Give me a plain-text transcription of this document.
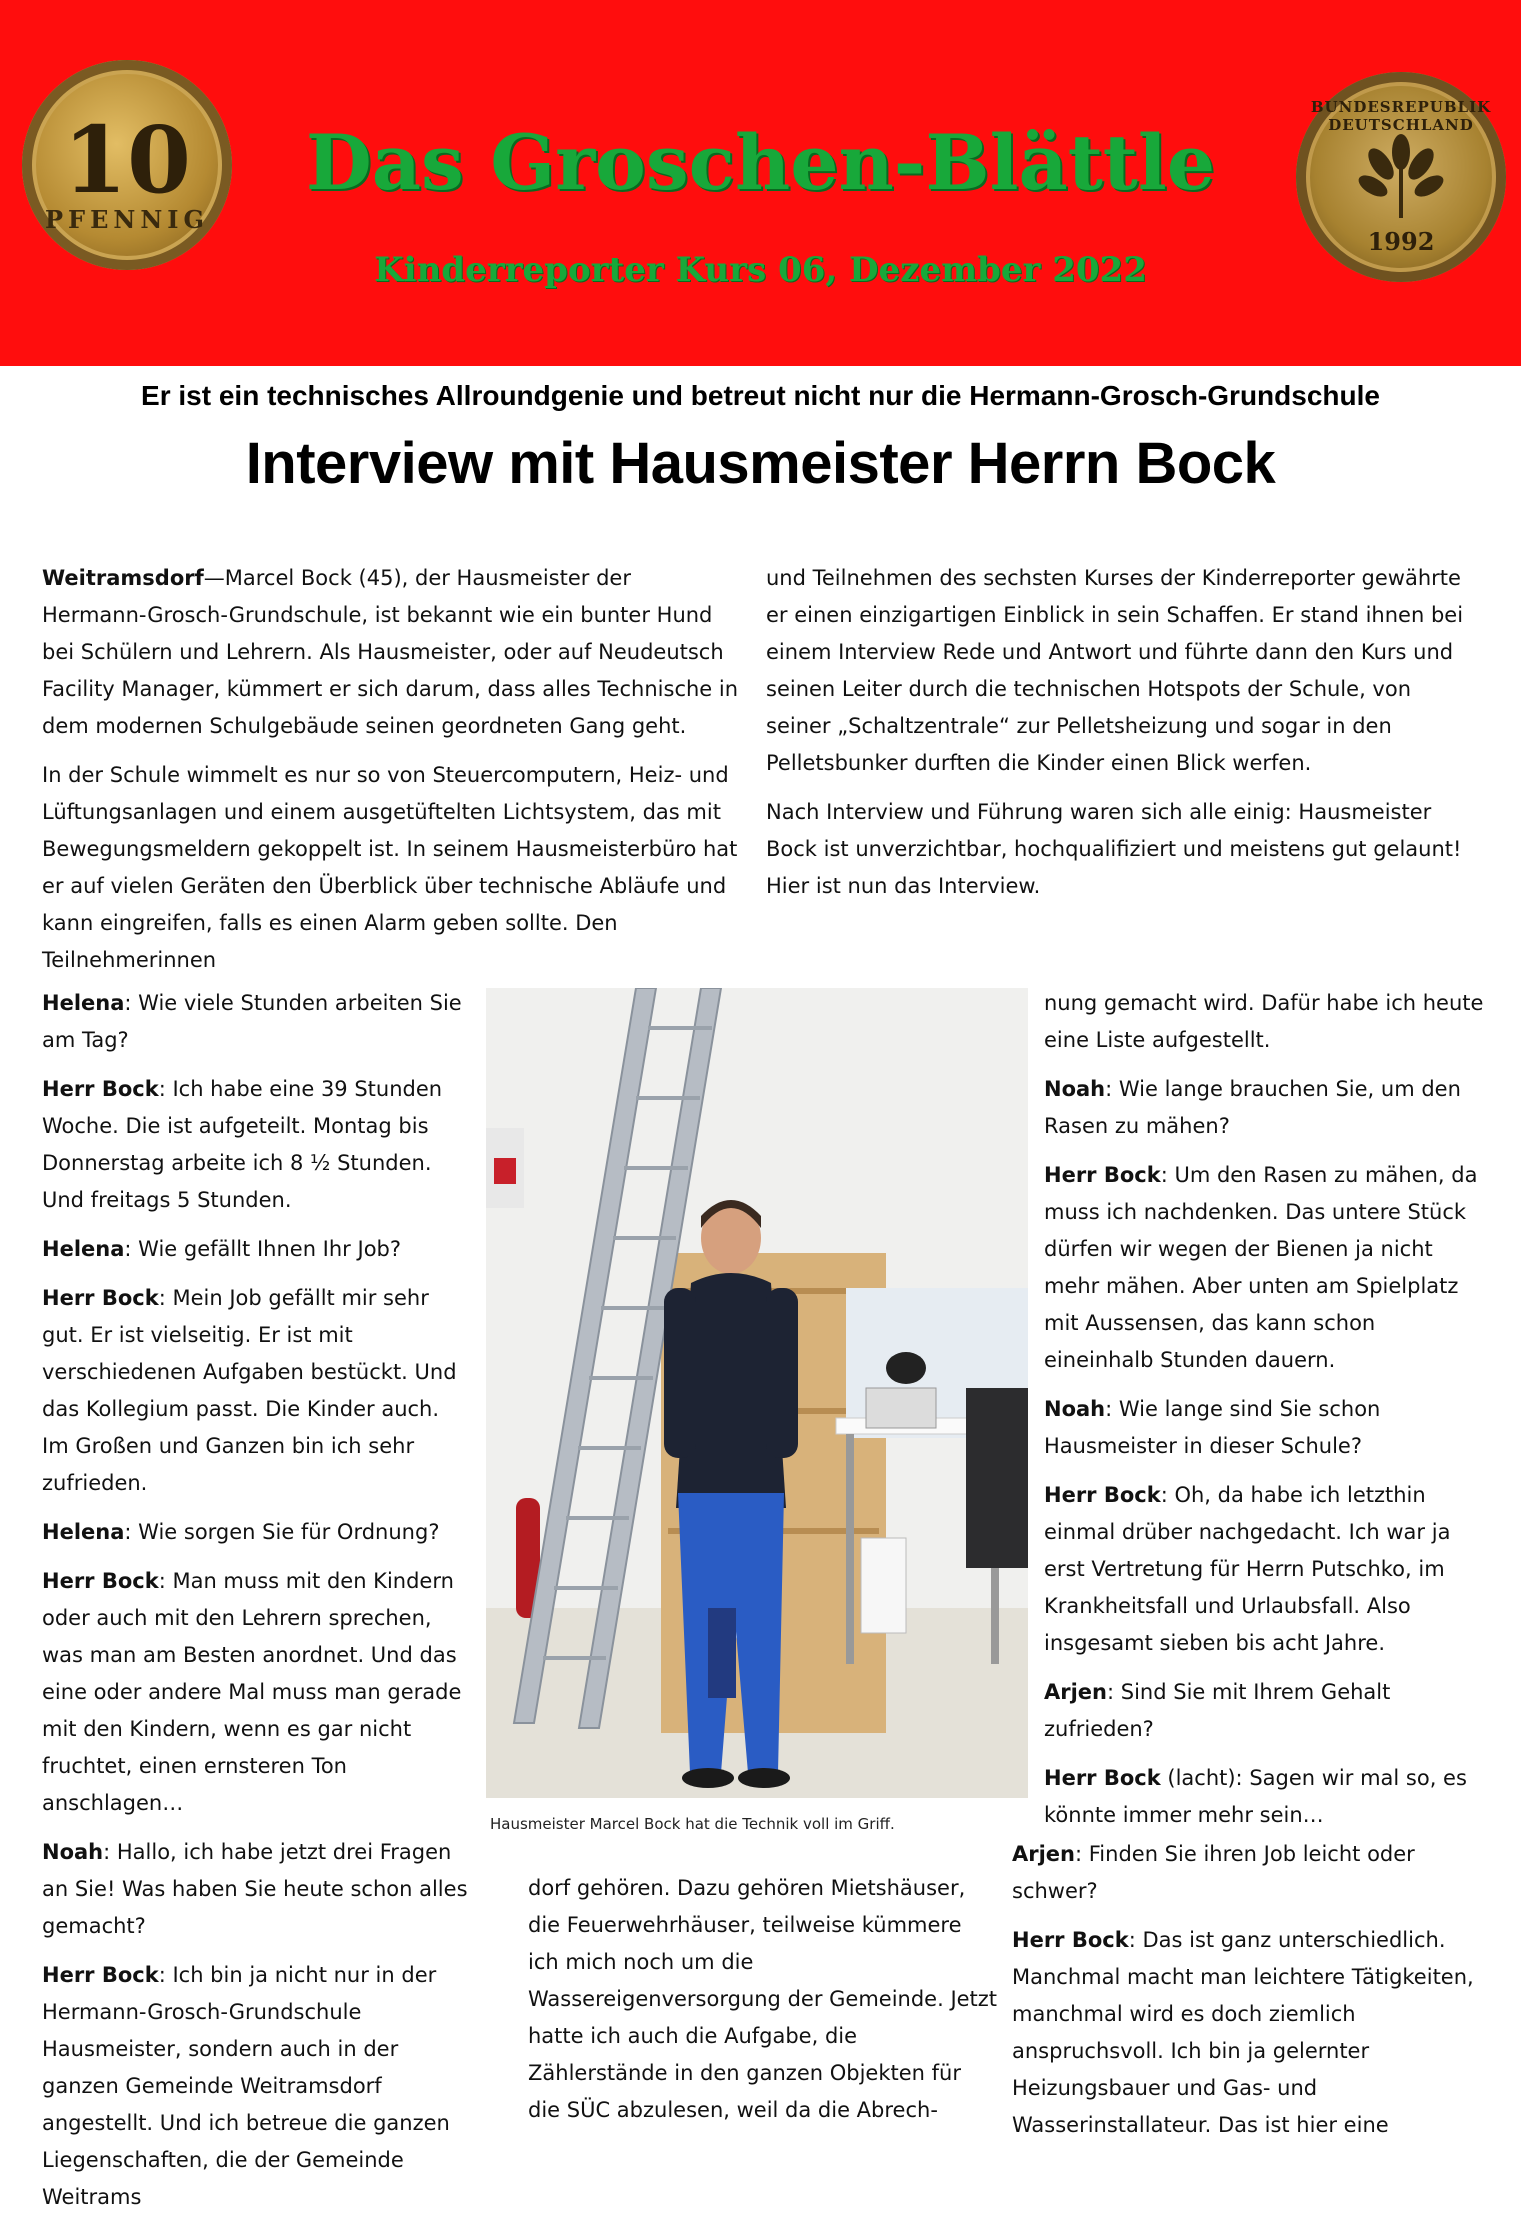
10
PFENNIG
Das Groschen-Blättle
Kinderreporter Kurs 06, Dezember 2022
BUNDESREPUBLIK DEUTSCHLAND
1992
Er ist ein technisches Allroundgenie und betreut nicht nur die Hermann-Grosch-Grundschule
Interview mit Hausmeister Herrn Bock

Weitramsdorf—Marcel Bock (45), der Hausmeister der Hermann-Grosch-Grundschule, ist bekannt wie ein bunter Hund bei Schülern und Lehrern. Als Hausmeister, oder auf Neudeutsch Facility Manager, kümmert er sich darum, dass alles Technische in dem modernen Schulgebäude seinen geordneten Gang geht.

In der Schule wimmelt es nur so von Steuercomputern, Heiz- und Lüftungsanlagen und einem ausgetüftelten Lichtsystem, das mit Bewegungsmeldern gekoppelt ist. In seinem Hausmeisterbüro hat er auf vielen Geräten den Überblick über technische Abläufe und kann eingreifen, falls es einen Alarm geben sollte. Den Teilnehmerinnen

und Teilnehmen des sechsten Kurses der Kinderreporter gewährte er einen einzigartigen Einblick in sein Schaffen. Er stand ihnen bei einem Interview Rede und Antwort und führte dann den Kurs und seinen Leiter durch die technischen Hotspots der Schule, von seiner „Schaltzentrale“ zur Pelletsheizung und sogar in den Pelletsbunker durften die Kinder einen Blick werfen.

Nach Interview und Führung waren sich alle einig: Hausmeister Bock ist unverzichtbar, hochqualifiziert und meistens gut gelaunt! Hier ist nun das Interview.

Helena: Wie viele Stunden arbeiten Sie am Tag?

Herr Bock: Ich habe eine 39 Stunden Woche. Die ist aufgeteilt. Montag bis Donnerstag arbeite ich 8 ½ Stunden. Und freitags 5 Stunden.

Helena: Wie gefällt Ihnen Ihr Job?

Herr Bock: Mein Job gefällt mir sehr gut. Er ist vielseitig. Er ist mit verschiedenen Aufgaben bestückt. Und das Kollegium passt. Die Kinder auch. Im Großen und Ganzen bin ich sehr zufrieden.

Helena: Wie sorgen Sie für Ordnung?

Herr Bock: Man muss mit den Kindern oder auch mit den Lehrern sprechen, was man am Besten anordnet. Und das eine oder andere Mal muss man gerade mit den Kindern, wenn es gar nicht fruchtet, einen ernsteren Ton anschlagen…

Noah: Hallo, ich habe jetzt drei Fragen an Sie! Was haben Sie heute schon alles gemacht?

Herr Bock: Ich bin ja nicht nur in der Hermann-Grosch-Grundschule Hausmeister, sondern auch in der ganzen Gemeinde Weitramsdorf angestellt. Und ich betreue die ganzen Liegenschaften, die der Gemeinde Weitrams

nung gemacht wird. Dafür habe ich heute eine Liste aufgestellt.

Noah: Wie lange brauchen Sie, um den Rasen zu mähen?

Herr Bock: Um den Rasen zu mähen, da muss ich nachdenken. Das untere Stück dürfen wir wegen der Bienen ja nicht mehr mähen. Aber unten am Spielplatz mit Aussensen, das kann schon eineinhalb Stunden dauern.

Noah: Wie lange sind Sie schon Hausmeister in dieser Schule?

Herr Bock: Oh, da habe ich letzthin einmal drüber nachgedacht. Ich war ja erst Vertretung für Herrn Putschko, im Krankheitsfall und Urlaubsfall. Also insgesamt sieben bis acht Jahre.

Arjen: Sind Sie mit Ihrem Gehalt zufrieden?

Herr Bock (lacht): Sagen wir mal so, es könnte immer mehr sein…

dorf gehören. Dazu gehören Mietshäuser, die Feuerwehrhäuser, teilweise kümmere ich mich noch um die Wassereigenversorgung der Gemeinde. Jetzt hatte ich auch die Aufgabe, die Zählerstände in den ganzen Objekten für die SÜC abzulesen, weil da die Abrech-

Arjen: Finden Sie ihren Job leicht oder schwer?

Herr Bock: Das ist ganz unterschiedlich. Manchmal macht man leichtere Tätigkeiten, manchmal wird es doch ziemlich anspruchsvoll. Ich bin ja gelernter Heizungsbauer und Gas- und Wasserinstallateur. Das ist hier eine

Hausmeister Marcel Bock hat die Technik voll im Griff.
